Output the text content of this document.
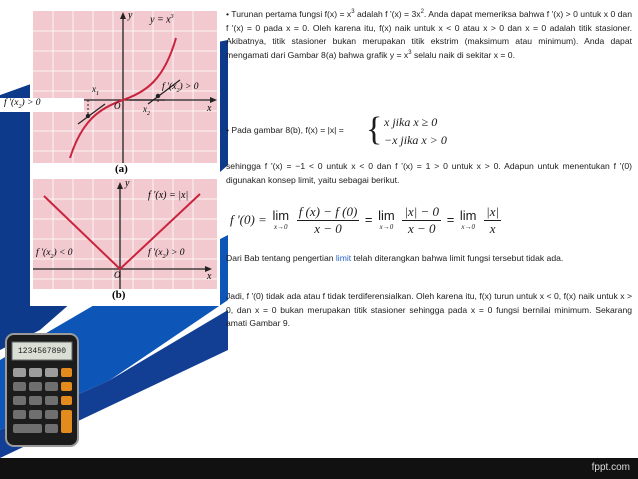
$y = x^3$
y
x
O
$x_1$
$x_2$
f '$(x_2) > 0$
(a)
f '$(x_2) > 0$
f '(x) = |x|
y
x
O
f '$(x_2) < 0$	f '$(x_2) > 0$
(b)
• Turunan pertama fungsi $f(x) = x^3$ adalah f '$(x) = 3x^2$. Anda dapat memeriksa bahwa f '(x) > 0 untuk x 0 dan f '(x) = 0 pada x = 0. Oleh karena itu, f(x) naik untuk x < 0 atau x > 0 dan x = 0 adalah titik stasioner. Akibatnya, titik stasioner bukan merupakan titik ekstrim (maksimum atau minimum). Anda dapat mengamati dari Gambar 8(a) bahwa grafik $y = x^3$ selalu naik di sekitar x = 0.
• Pada gambar 8(b), f(x) = |x| = { x jika x ≥ 0
−x jika x > 0
sehingga f '(x) = −1 < 0 untuk x < 0 dan f '(x) = 1 > 0 untuk x > 0. Adapun untuk menentukan f '(0) digunakan konsep limit, yaitu sebagai berikut.
f '(0) = lim
x→0
$\frac{f (x) - f (0)}{x - 0} = \lim$
x→0
$\frac{|x| - 0}{x - 0} = \lim$
x→0
$\frac{|x|}{x}$
Dari Bab tentang pengertian limit telah diterangkan bahwa limit fungsi tersebut tidak ada.
Jadi, f '(0) tidak ada atau f tidak terdiferensialkan. Oleh karena itu, f(x) turun untuk x < 0, f(x) naik untuk x > 0, dan x = 0 bukan merupakan titik stasioner sehingga pada x = 0 fungsi bernilai minimum. Sekarang amati Gambar 9.
1234567890
fppt.com
